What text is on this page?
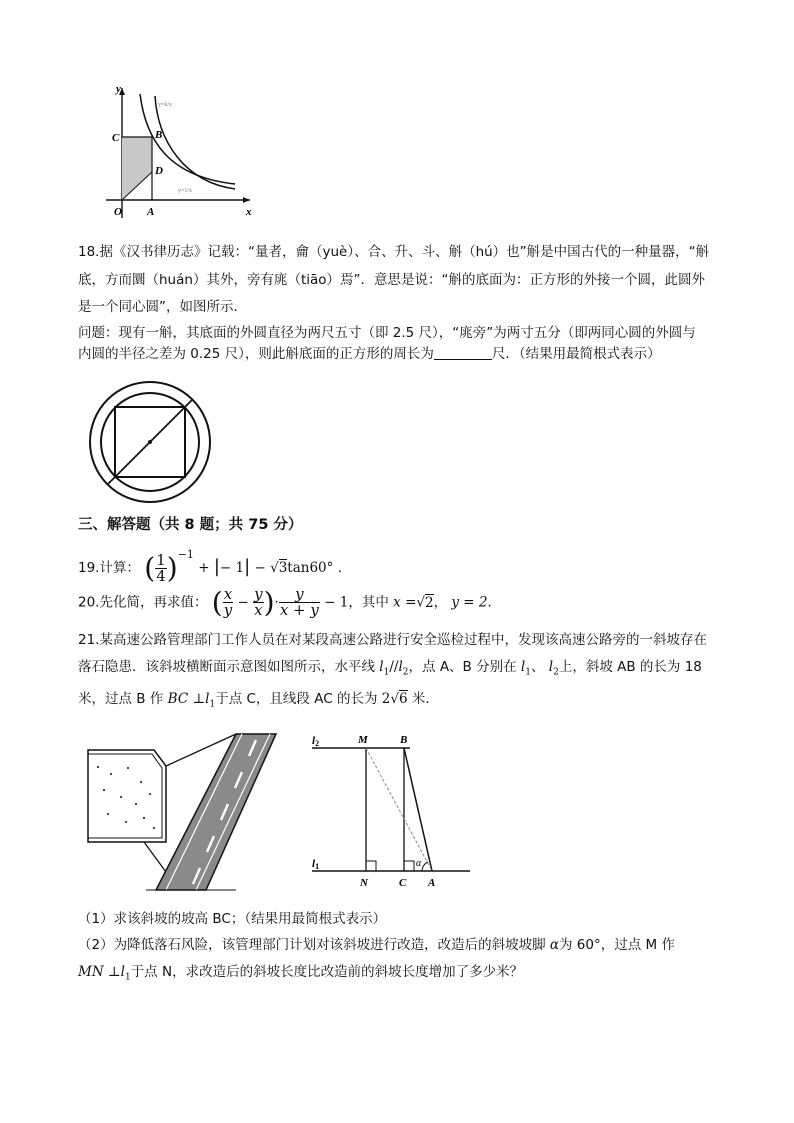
y=k/x
y=1/x
y
x
O A
B
C
D
18.据《汉书律历志》记载：“量者，龠（yuè）、合、升、斗、斛（hú）也”斛是中国古代的一种量器，“斛
底，方而圜（huán）其外，旁有庣（tiāo）焉”．意思是说：“斛的底面为：正方形的外接一个圆，此圆外
是一个同心圆”，如图所示．
问题：现有一斛，其底面的外圆直径为两尺五寸（即 2.5 尺），“庣旁”为两寸五分（即两同心圆的外圆与
内圆的半径之差为 0.25 尺），则此斛底面的正方形的周长为	尺．（结果用最简根式表示）
三、解答题（共 8 题；共 75 分）
19.计算： ( $\frac{1}{4} )^{-1}$ + |− 1| − √3tan60° ．
20.先化简，再求值： ( $\frac{x}{y} - \frac{y}{x}$ )· $\frac{y}{x + y} - 1$，其中 x =√2， y = 2．
21.某高速公路管理部门工作人员在对某段高速公路进行安全巡检过程中，发现该高速公路旁的一斜坡存在
落石隐患．该斜坡横断面示意图如图所示，水平线 $l_1//l_2$，点 A、B 分别在 $l_1$、 $l_2$上，斜坡 AB 的长为 18
米，过点 B 作 BC $\perp l_1$于点 C，且线段 AC 的长为 2√6 米．
l2
l1
M	B
N	C A
α
（1）求该斜坡的坡高 BC；（结果用最简根式表示）
（2）为降低落石风险，该管理部门计划对该斜坡进行改造，改造后的斜坡坡脚 α为 60°，过点 M 作
MN $\perp l_1$于点 N，求改造后的斜坡长度比改造前的斜坡长度增加了多少米？
